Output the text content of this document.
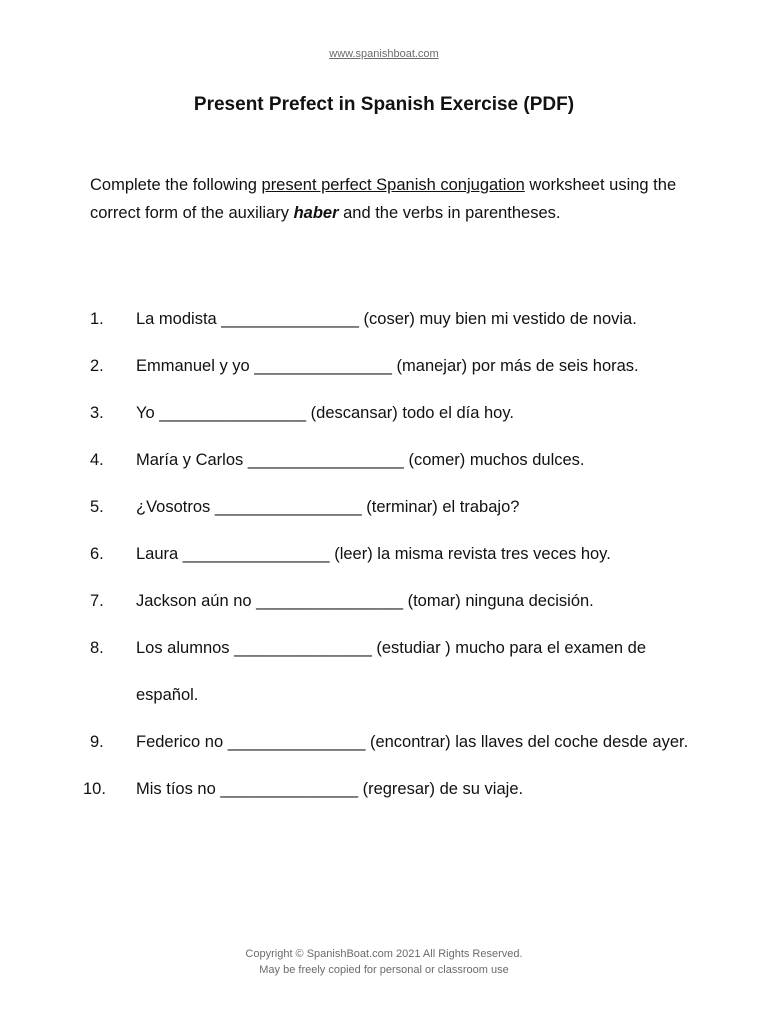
www.spanishboat.com
Present Prefect in Spanish Exercise (PDF)
Complete the following present perfect Spanish conjugation worksheet using the correct form of the auxiliary haber and the verbs in parentheses.
1.	La modista _______________ (coser) muy bien mi vestido de novia.
2.	Emmanuel y yo _______________ (manejar) por más de seis horas.
3.	Yo ________________ (descansar) todo el día hoy.
4.	María y Carlos _________________ (comer) muchos dulces.
5.	¿Vosotros ________________ (terminar) el trabajo?
6.	Laura ________________ (leer) la misma revista tres veces hoy.
7.	Jackson aún no ________________ (tomar) ninguna decisión.
8.	Los alumnos _______________ (estudiar ) mucho para el examen de español.
9.	Federico no _______________ (encontrar) las llaves del coche desde ayer.
10.	Mis tíos no _______________ (regresar) de su viaje.
Copyright © SpanishBoat.com 2021 All Rights Reserved.
May be freely copied for personal or classroom use
